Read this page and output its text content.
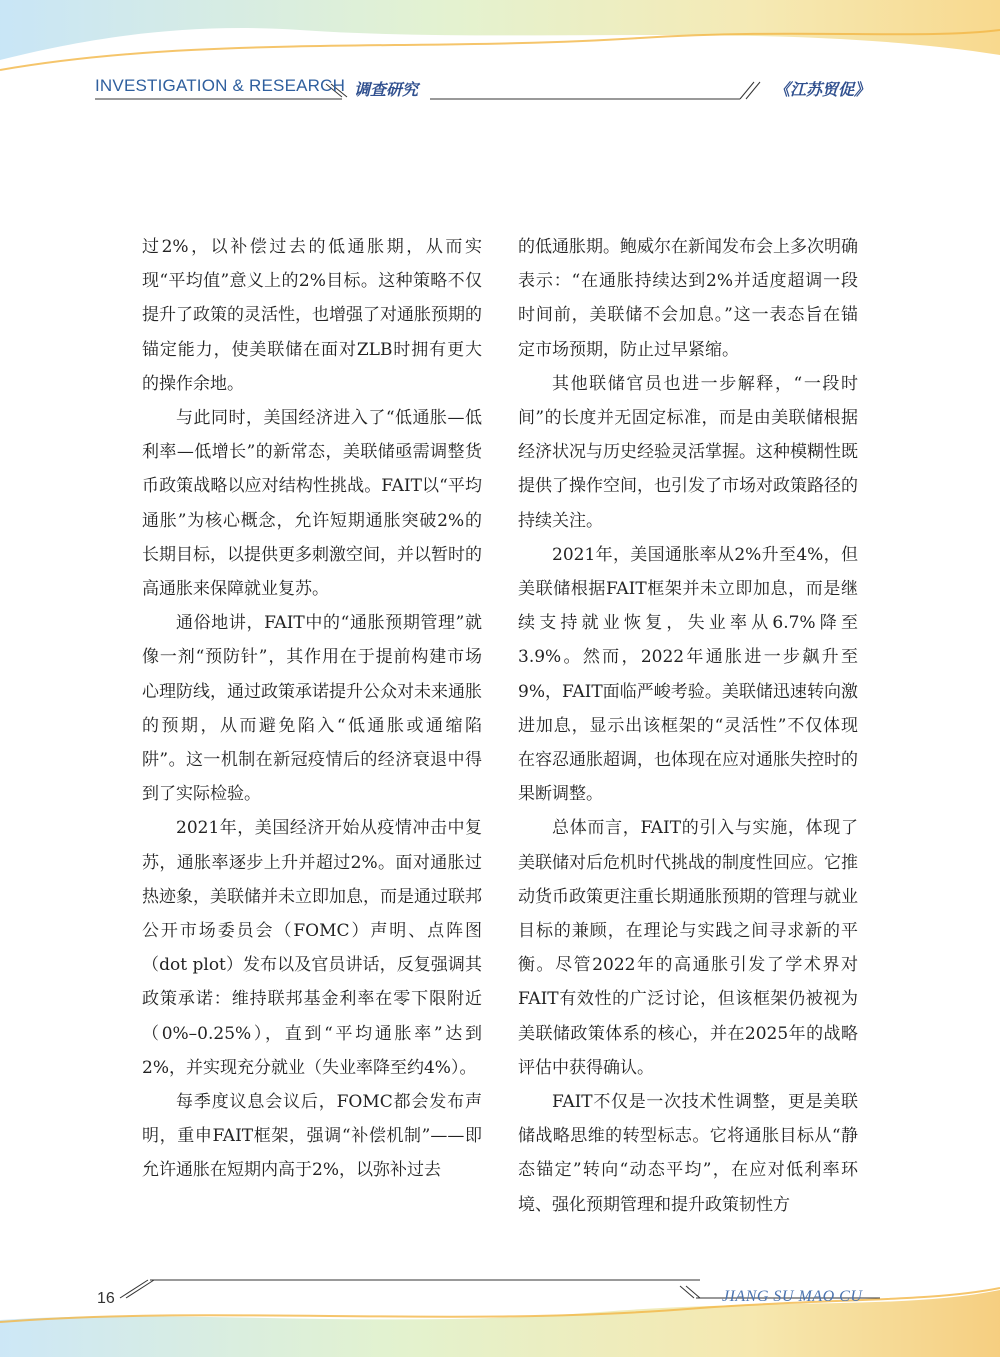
INVESTIGATION & RESEARCH 调查研究	《江苏贸促》

过2%，以补偿过去的低通胀期，从而实现“平均值”意义上的2%目标。这种策略不仅提升了政策的灵活性，也增强了对通胀预期的锚定能力，使美联储在面对ZLB时拥有更大的操作余地。

与此同时，美国经济进入了“低通胀—低利率—低增长”的新常态，美联储亟需调整货币政策战略以应对结构性挑战。FAIT以“平均通胀”为核心概念，允许短期通胀突破2%的长期目标，以提供更多刺激空间，并以暂时的高通胀来保障就业复苏。

通俗地讲，FAIT中的“通胀预期管理”就像一剂“预防针”，其作用在于提前构建市场心理防线，通过政策承诺提升公众对未来通胀的预期，从而避免陷入“低通胀或通缩陷阱”。这一机制在新冠疫情后的经济衰退中得到了实际检验。

2021年，美国经济开始从疫情冲击中复苏，通胀率逐步上升并超过2%。面对通胀过热迹象，美联储并未立即加息，而是通过联邦公开市场委员会（FOMC）声明、点阵图（dot plot）发布以及官员讲话，反复强调其政策承诺：维持联邦基金利率在零下限附近（0%–0.25%），直到“平均通胀率”达到2%，并实现充分就业（失业率降至约4%）。

每季度议息会议后，FOMC都会发布声明，重申FAIT框架，强调“补偿机制”——即允许通胀在短期内高于2%，以弥补过去

的低通胀期。鲍威尔在新闻发布会上多次明确表示：“在通胀持续达到2%并适度超调一段时间前，美联储不会加息。”这一表态旨在锚定市场预期，防止过早紧缩。

其他联储官员也进一步解释，“一段时间”的长度并无固定标准，而是由美联储根据经济状况与历史经验灵活掌握。这种模糊性既提供了操作空间，也引发了市场对政策路径的持续关注。

2021年，美国通胀率从2%升至4%，但美联储根据FAIT框架并未立即加息，而是继续支持就业恢复，失业率从6.7%降至3.9%。然而，2022年通胀进一步飙升至9%，FAIT面临严峻考验。美联储迅速转向激进加息，显示出该框架的“灵活性”不仅体现在容忍通胀超调，也体现在应对通胀失控时的果断调整。

总体而言，FAIT的引入与实施，体现了美联储对后危机时代挑战的制度性回应。它推动货币政策更注重长期通胀预期的管理与就业目标的兼顾，在理论与实践之间寻求新的平衡。尽管2022年的高通胀引发了学术界对FAIT有效性的广泛讨论，但该框架仍被视为美联储政策体系的核心，并在2025年的战略评估中获得确认。

FAIT不仅是一次技术性调整，更是美联储战略思维的转型标志。它将通胀目标从“静态锚定”转向“动态平均”，在应对低利率环境、强化预期管理和提升政策韧性方

16	JIANG SU MAO CU
